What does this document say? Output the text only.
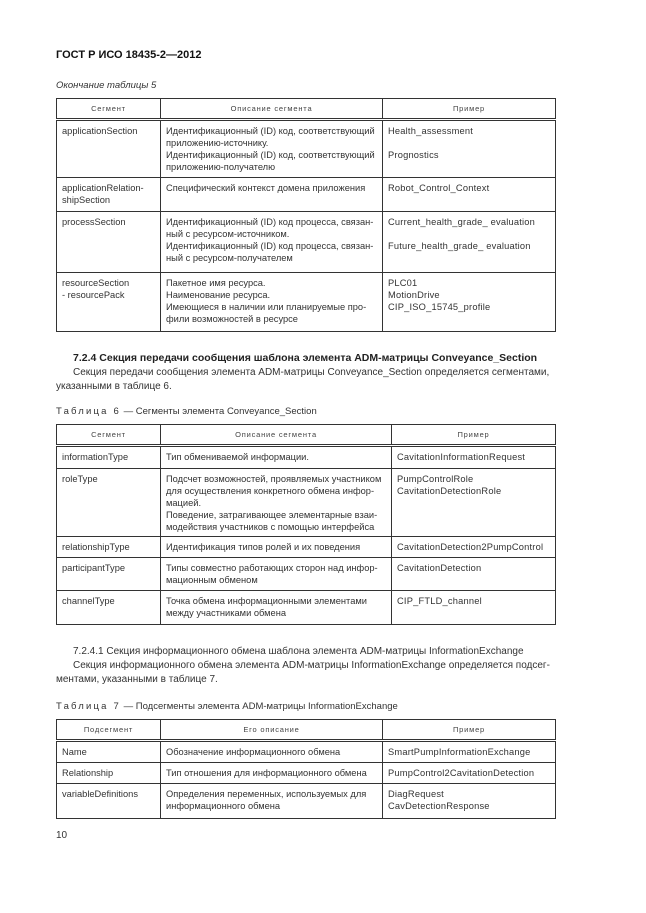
ГОСТ Р ИСО 18435-2—2012
Окончание таблицы 5
Сегмент	Описание сегмента	Пример
applicationSection	Идентификационный (ID) код, соответствующий
приложению-источнику.
Идентификационный (ID) код, соответствующий
приложению-получателю	Health_assessment

Prognostics
applicationRelation-
shipSection	Специфический контекст домена приложения	Robot_Control_Context
processSection	Идентификационный (ID) код процесса, связан-
ный с ресурсом-источником.
Идентификационный (ID) код процесса, связан-
ный с ресурсом-получателем	Current_health_grade_ evaluation

Future_health_grade_ evaluation
resourceSection
- resourcePack	Пакетное имя ресурса.
Наименование ресурса.
Имеющиеся в наличии или планируемые про-
фили возможностей в ресурсе	PLC01
MotionDrive
CIP_ISO_15745_profile
7.2.4 Секция передачи сообщения шаблона элемента ADM-матрицы Conveyance_Section
Секция передачи сообщения элемента ADM-матрицы Conveyance_Section определяется сегментами, указанными в таблице 6.
Таблица 6 — Сегменты элемента Conveyance_Section
Сегмент	Описание сегмента	Пример
informationType	Тип обмениваемой информации.	CavitationInformationRequest
roleType	Подсчет возможностей, проявляемых участником
для осуществления конкретного обмена инфор-
мацией.
Поведение, затрагивающее элементарные взаи-
модействия участников с помощью интерфейса	PumpControlRole
CavitationDetectionRole
relationshipType	Идентификация типов ролей и их поведения	CavitationDetection2PumpControl
participantType	Типы совместно работающих сторон над инфор-
мационным обменом	CavitationDetection
channelType	Точка обмена информационными элементами
между участниками обмена	CIP_FTLD_channel
7.2.4.1 Секция информационного обмена шаблона элемента ADM-матрицы InformationExchange
Секция информационного обмена элемента ADM-матрицы InformationExchange определяется подсег-ментами, указанными в таблице 7.
Таблица 7 — Подсегменты элемента ADM-матрицы InformationExchange
Подсегмент	Его описание	Пример
Name	Обозначение информационного обмена	SmartPumpInformationExchange
Relationship	Тип отношения для информационного обмена	PumpControl2CavitationDetection
variableDefinitions	Определения переменных, используемых для
информационного обмена	DiagRequest
CavDetectionResponse
10
